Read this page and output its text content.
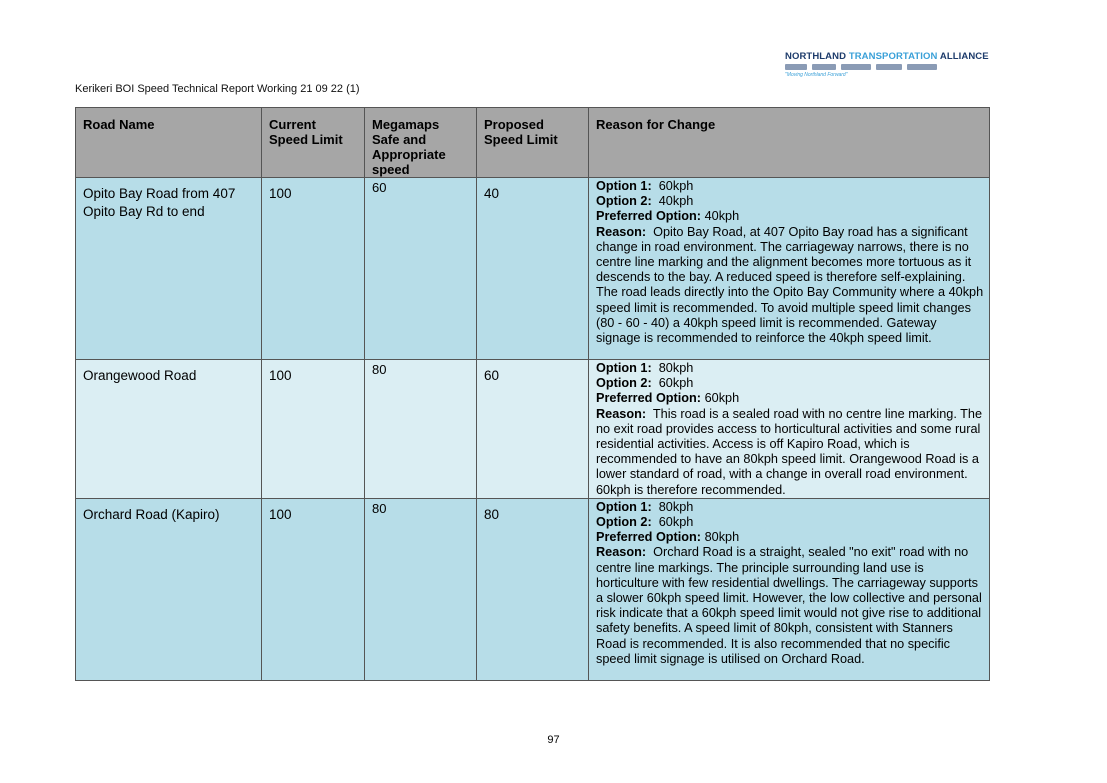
NORTHLAND TRANSPORTATION ALLIANCE
"Moving Northland Forward"
Kerikeri BOI Speed Technical Report Working 21 09 22 (1)
Road Name	Current Speed Limit	Megamaps Safe and Appropriate speed	Proposed Speed Limit	Reason for Change
Opito Bay Road from 407 Opito Bay Rd to end	100	60	40	Option 1: 60kph
Option 2: 40kph
Preferred Option: 40kph
Reason: Opito Bay Road, at 407 Opito Bay road has a significant change in road environment. The carriageway narrows, there is no centre line marking and the alignment becomes more tortuous as it descends to the bay. A reduced speed is therefore self-explaining. The road leads directly into the Opito Bay Community where a 40kph speed limit is recommended. To avoid multiple speed limit changes (80 - 60 - 40) a 40kph speed limit is recommended. Gateway signage is recommended to reinforce the 40kph speed limit.

Orangewood Road	100	80	60	Option 1: 80kph
Option 2: 60kph
Preferred Option: 60kph
Reason: This road is a sealed road with no centre line marking. The no exit road provides access to horticultural activities and some rural residential activities. Access is off Kapiro Road, which is recommended to have an 80kph speed limit. Orangewood Road is a lower standard of road, with a change in overall road environment. 60kph is therefore recommended.

Orchard Road (Kapiro)	100	80	80	Option 1: 80kph
Option 2: 60kph
Preferred Option: 80kph
Reason: Orchard Road is a straight, sealed "no exit" road with no centre line markings. The principle surrounding land use is horticulture with few residential dwellings. The carriageway supports a slower 60kph speed limit. However, the low collective and personal risk indicate that a 60kph speed limit would not give rise to additional safety benefits. A speed limit of 80kph, consistent with Stanners Road is recommended. It is also recommended that no specific speed limit signage is utilised on Orchard Road.
97
